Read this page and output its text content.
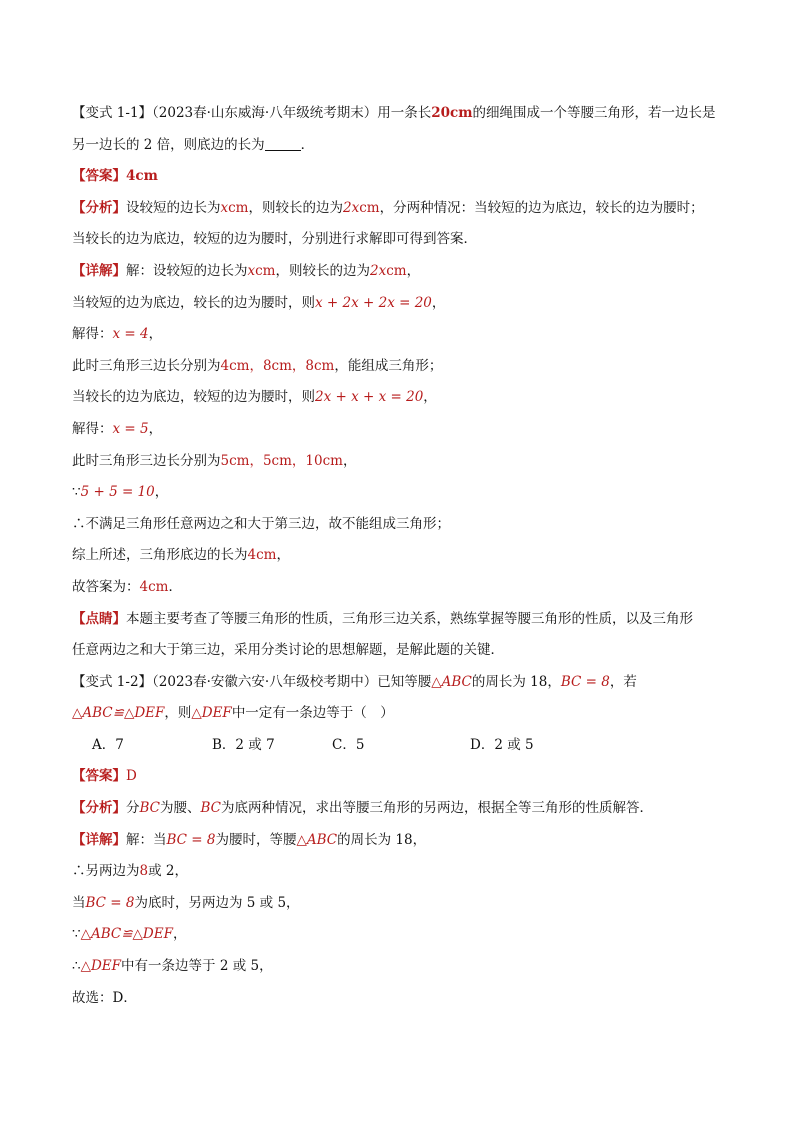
【变式 1-1】（2023春·山东威海·八年级统考期末）用一条长20cm的细绳围成一个等腰三角形，若一边长是
另一边长的 2 倍，则底边的长为	．
【答案】4cm
【分析】设较短的边长为xcm，则较长的边为2xcm，分两种情况：当较短的边为底边，较长的边为腰时；
当较长的边为底边，较短的边为腰时，分别进行求解即可得到答案．
【详解】解：设较短的边长为xcm，则较长的边为2xcm，
当较短的边为底边，较长的边为腰时，则x + 2x + 2x = 20，
解得：x = 4，
此时三角形三边长分别为4cm，8cm，8cm，能组成三角形；
当较长的边为底边，较短的边为腰时，则2x + x + x = 20，
解得：x = 5，
此时三角形三边长分别为5cm，5cm，10cm，
∵5 + 5 = 10，
∴不满足三角形任意两边之和大于第三边，故不能组成三角形；
综上所述，三角形底边的长为4cm，
故答案为：4cm．
【点睛】本题主要考查了等腰三角形的性质，三角形三边关系，熟练掌握等腰三角形的性质，以及三角形
任意两边之和大于第三边，采用分类讨论的思想解题，是解此题的关键．
【变式 1-2】（2023春·安徽六安·八年级校考期中）已知等腰△ABC的周长为 18，BC = 8，若
△ABC≌△DEF，则△DEF中一定有一条边等于（　）
A．7	B．2 或 7	C．5	D．2 或 5
【答案】D
【分析】分BC为腰、BC为底两种情况，求出等腰三角形的另两边，根据全等三角形的性质解答．
【详解】解：当BC = 8为腰时，等腰△ABC的周长为 18，
∴另两边为8或 2，
当BC = 8为底时，另两边为 5 或 5，
∵△ABC≌△DEF，
∴△DEF中有一条边等于 2 或 5，
故选：D．
